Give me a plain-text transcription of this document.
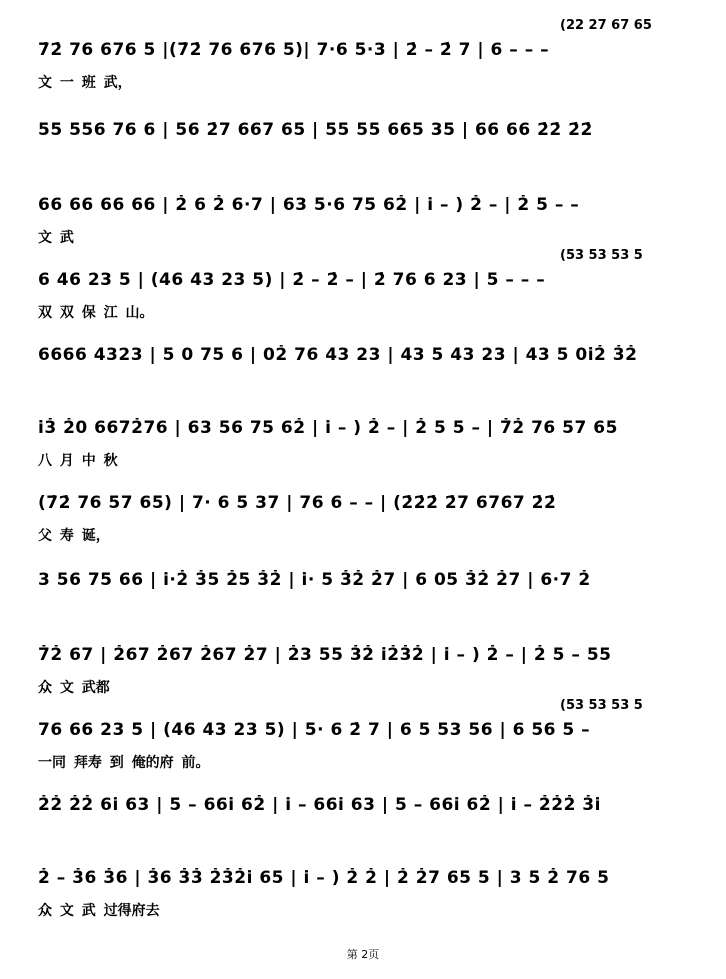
(22 27 67 65
7̇2̇ 76 676 5 |(7̇2̇ 76 676 5)| 7·6 5·3 | 2̇ – 2̇ 7 | 6 – – –
文 一 班 武，
55 556 76 6 | 56 2̇7 667 65 | 55 55 665 35 | 66 66 2̇2̇ 2̇2̇
66 66 66 66 | 2̇ 6 2̇ 6·7 | 63 5·6 75 62̇ | i̇ – ) 2̇ – | 2̇ 5 – –
文 武
(53 53 53 5
6 46 23 5 | (46 43 23 5) | 2̇ – 2̇ – | 2̇ 76 6 23 | 5 – – –
双 双 保 江 山。
6666 4323 | 5 0 75 6 | 02̇ 76 43 23 | 43 5 43 23 | 43 5 0i̇2̇ 3̇2̇
i̇3̇ 2̇0 6672̇76 | 63 56 75 62̇ | i̇ – ) 2̇ – | 2̇ 5 5 – | 7̇2̇ 76 57 65
八 月 中 秋
(7̇2̇ 76 57 65) | 7· 6 5 37 | 76 6 – – | (2̇2̇2̇ 2̇7 6767 2̇2̇
父 寿 诞，
3 56 75 66 | i̇·2̇ 3̇5 2̇5 3̇2̇ | i̇· 5 3̇2̇ 2̇7 | 6 05 3̇2̇ 2̇7 | 6·7 2̇
7̇2̇ 67 | 2̇67 2̇67 2̇67 2̇7 | 2̇3 55 3̇2̇ i̇2̇3̇2̇ | i̇ – ) 2̇ – | 2̇ 5 – 55
众 文 武都
(53 53 53 5
76 66 23 5 | (46 43 23 5) | 5· 6 2̇ 7 | 6 5 53 56 | 6 56 5 –
一同 拜寿 到 俺的府 前。
2̇2̇ 2̇2̇ 6i̇ 63 | 5 – 66i̇ 62̇ | i̇ – 66i̇ 63 | 5 – 66i̇ 62̇ | i̇ – 2̇2̇2̇ 3̇i̇
2̇ – 3̇6 3̇6 | 3̇6 3̇3̇ 2̇3̇2̇i̇ 65 | i̇ – ) 2̇ 2̇ | 2̇ 2̇7 65 5 | 3 5 2̇ 76 5
众 文 武 过得府去
第 2页
